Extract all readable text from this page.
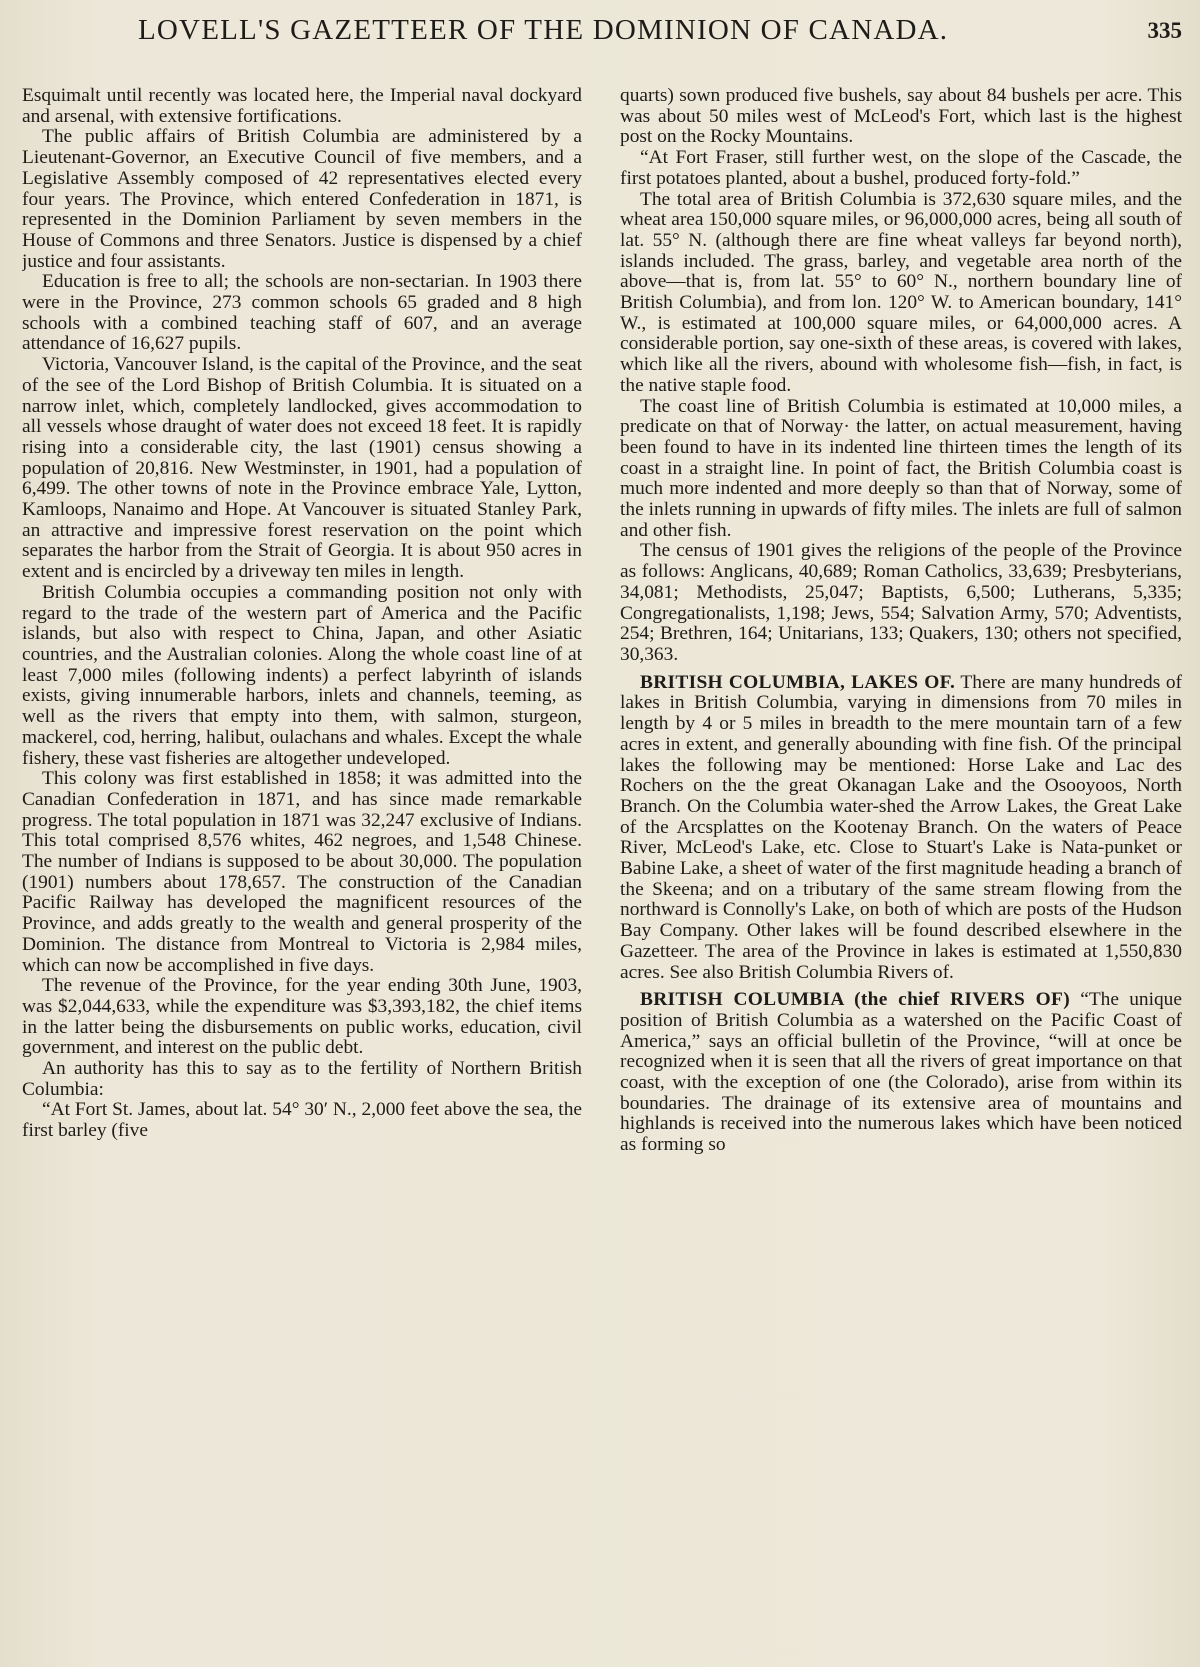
LOVELL'S GAZETTEER OF THE DOMINION OF CANADA.	335

Esquimalt until recently was located here, the Imperial naval dockyard and arsenal, with extensive fortifications.

The public affairs of British Columbia are administered by a Lieutenant-Governor, an Executive Council of five members, and a Legislative Assembly composed of 42 representatives elected every four years. The Province, which entered Confederation in 1871, is represented in the Dominion Parliament by seven members in the House of Commons and three Senators. Justice is dispensed by a chief justice and four assistants.

Education is free to all; the schools are non-sectarian. In 1903 there were in the Province, 273 common schools 65 graded and 8 high schools with a combined teaching staff of 607, and an average attendance of 16,627 pupils.

Victoria, Vancouver Island, is the capital of the Province, and the seat of the see of the Lord Bishop of British Columbia. It is situated on a narrow inlet, which, completely landlocked, gives accommodation to all vessels whose draught of water does not exceed 18 feet. It is rapidly rising into a considerable city, the last (1901) census showing a population of 20,816. New Westminster, in 1901, had a population of 6,499. The other towns of note in the Province embrace Yale, Lytton, Kamloops, Nanaimo and Hope. At Vancouver is situated Stanley Park, an attractive and impressive forest reservation on the point which separates the harbor from the Strait of Georgia. It is about 950 acres in extent and is encircled by a driveway ten miles in length.

British Columbia occupies a commanding position not only with regard to the trade of the western part of America and the Pacific islands, but also with respect to China, Japan, and other Asiatic countries, and the Australian colonies. Along the whole coast line of at least 7,000 miles (following indents) a perfect labyrinth of islands exists, giving innumerable harbors, inlets and channels, teeming, as well as the rivers that empty into them, with salmon, sturgeon, mackerel, cod, herring, halibut, oulachans and whales. Except the whale fishery, these vast fisheries are altogether undeveloped.

This colony was first established in 1858; it was admitted into the Canadian Confederation in 1871, and has since made remarkable progress. The total population in 1871 was 32,247 exclusive of Indians. This total comprised 8,576 whites, 462 negroes, and 1,548 Chinese. The number of Indians is supposed to be about 30,000. The population (1901) numbers about 178,657. The construction of the Canadian Pacific Railway has developed the magnificent resources of the Province, and adds greatly to the wealth and general prosperity of the Dominion. The distance from Montreal to Victoria is 2,984 miles, which can now be accomplished in five days.

The revenue of the Province, for the year ending 30th June, 1903, was $2,044,633, while the expenditure was $3,393,182, the chief items in the latter being the disbursements on public works, education, civil government, and interest on the public debt.

An authority has this to say as to the fertility of Northern British Columbia:

“At Fort St. James, about lat. 54° 30′ N., 2,000 feet above the sea, the first barley (five

quarts) sown produced five bushels, say about 84 bushels per acre. This was about 50 miles west of McLeod's Fort, which last is the highest post on the Rocky Mountains.

“At Fort Fraser, still further west, on the slope of the Cascade, the first potatoes planted, about a bushel, produced forty-fold.”

The total area of British Columbia is 372,630 square miles, and the wheat area 150,000 square miles, or 96,000,000 acres, being all south of lat. 55° N. (although there are fine wheat valleys far beyond north), islands included. The grass, barley, and vegetable area north of the above—that is, from lat. 55° to 60° N., northern boundary line of British Columbia), and from lon. 120° W. to American boundary, 141° W., is estimated at 100,000 square miles, or 64,000,000 acres. A considerable portion, say one-sixth of these areas, is covered with lakes, which like all the rivers, abound with wholesome fish—fish, in fact, is the native staple food.

The coast line of British Columbia is estimated at 10,000 miles, a predicate on that of Norway· the latter, on actual measurement, having been found to have in its indented line thirteen times the length of its coast in a straight line. In point of fact, the British Columbia coast is much more indented and more deeply so than that of Norway, some of the inlets running in upwards of fifty miles. The inlets are full of salmon and other fish.

The census of 1901 gives the religions of the people of the Province as follows: Anglicans, 40,689; Roman Catholics, 33,639; Presbyterians, 34,081; Methodists, 25,047; Baptists, 6,500; Lutherans, 5,335; Congregationalists, 1,198; Jews, 554; Salvation Army, 570; Adventists, 254; Brethren, 164; Unitarians, 133; Quakers, 130; others not specified, 30,363.

BRITISH COLUMBIA, LAKES OF. There are many hundreds of lakes in British Columbia, varying in dimensions from 70 miles in length by 4 or 5 miles in breadth to the mere mountain tarn of a few acres in extent, and generally abounding with fine fish. Of the principal lakes the following may be mentioned: Horse Lake and Lac des Rochers on the the great Okanagan Lake and the Osooyoos, North Branch. On the Columbia water-shed the Arrow Lakes, the Great Lake of the Arcsplattes on the Kootenay Branch. On the waters of Peace River, McLeod's Lake, etc. Close to Stuart's Lake is Nata-punket or Babine Lake, a sheet of water of the first magnitude heading a branch of the Skeena; and on a tributary of the same stream flowing from the northward is Connolly's Lake, on both of which are posts of the Hudson Bay Company. Other lakes will be found described elsewhere in the Gazetteer. The area of the Province in lakes is estimated at 1,550,830 acres. See also British Columbia Rivers of.

BRITISH COLUMBIA (the chief RIVERS OF) “The unique position of British Columbia as a watershed on the Pacific Coast of America,” says an official bulletin of the Province, “will at once be recognized when it is seen that all the rivers of great importance on that coast, with the exception of one (the Colorado), arise from within its boundaries. The drainage of its extensive area of mountains and highlands is received into the numerous lakes which have been noticed as forming so
